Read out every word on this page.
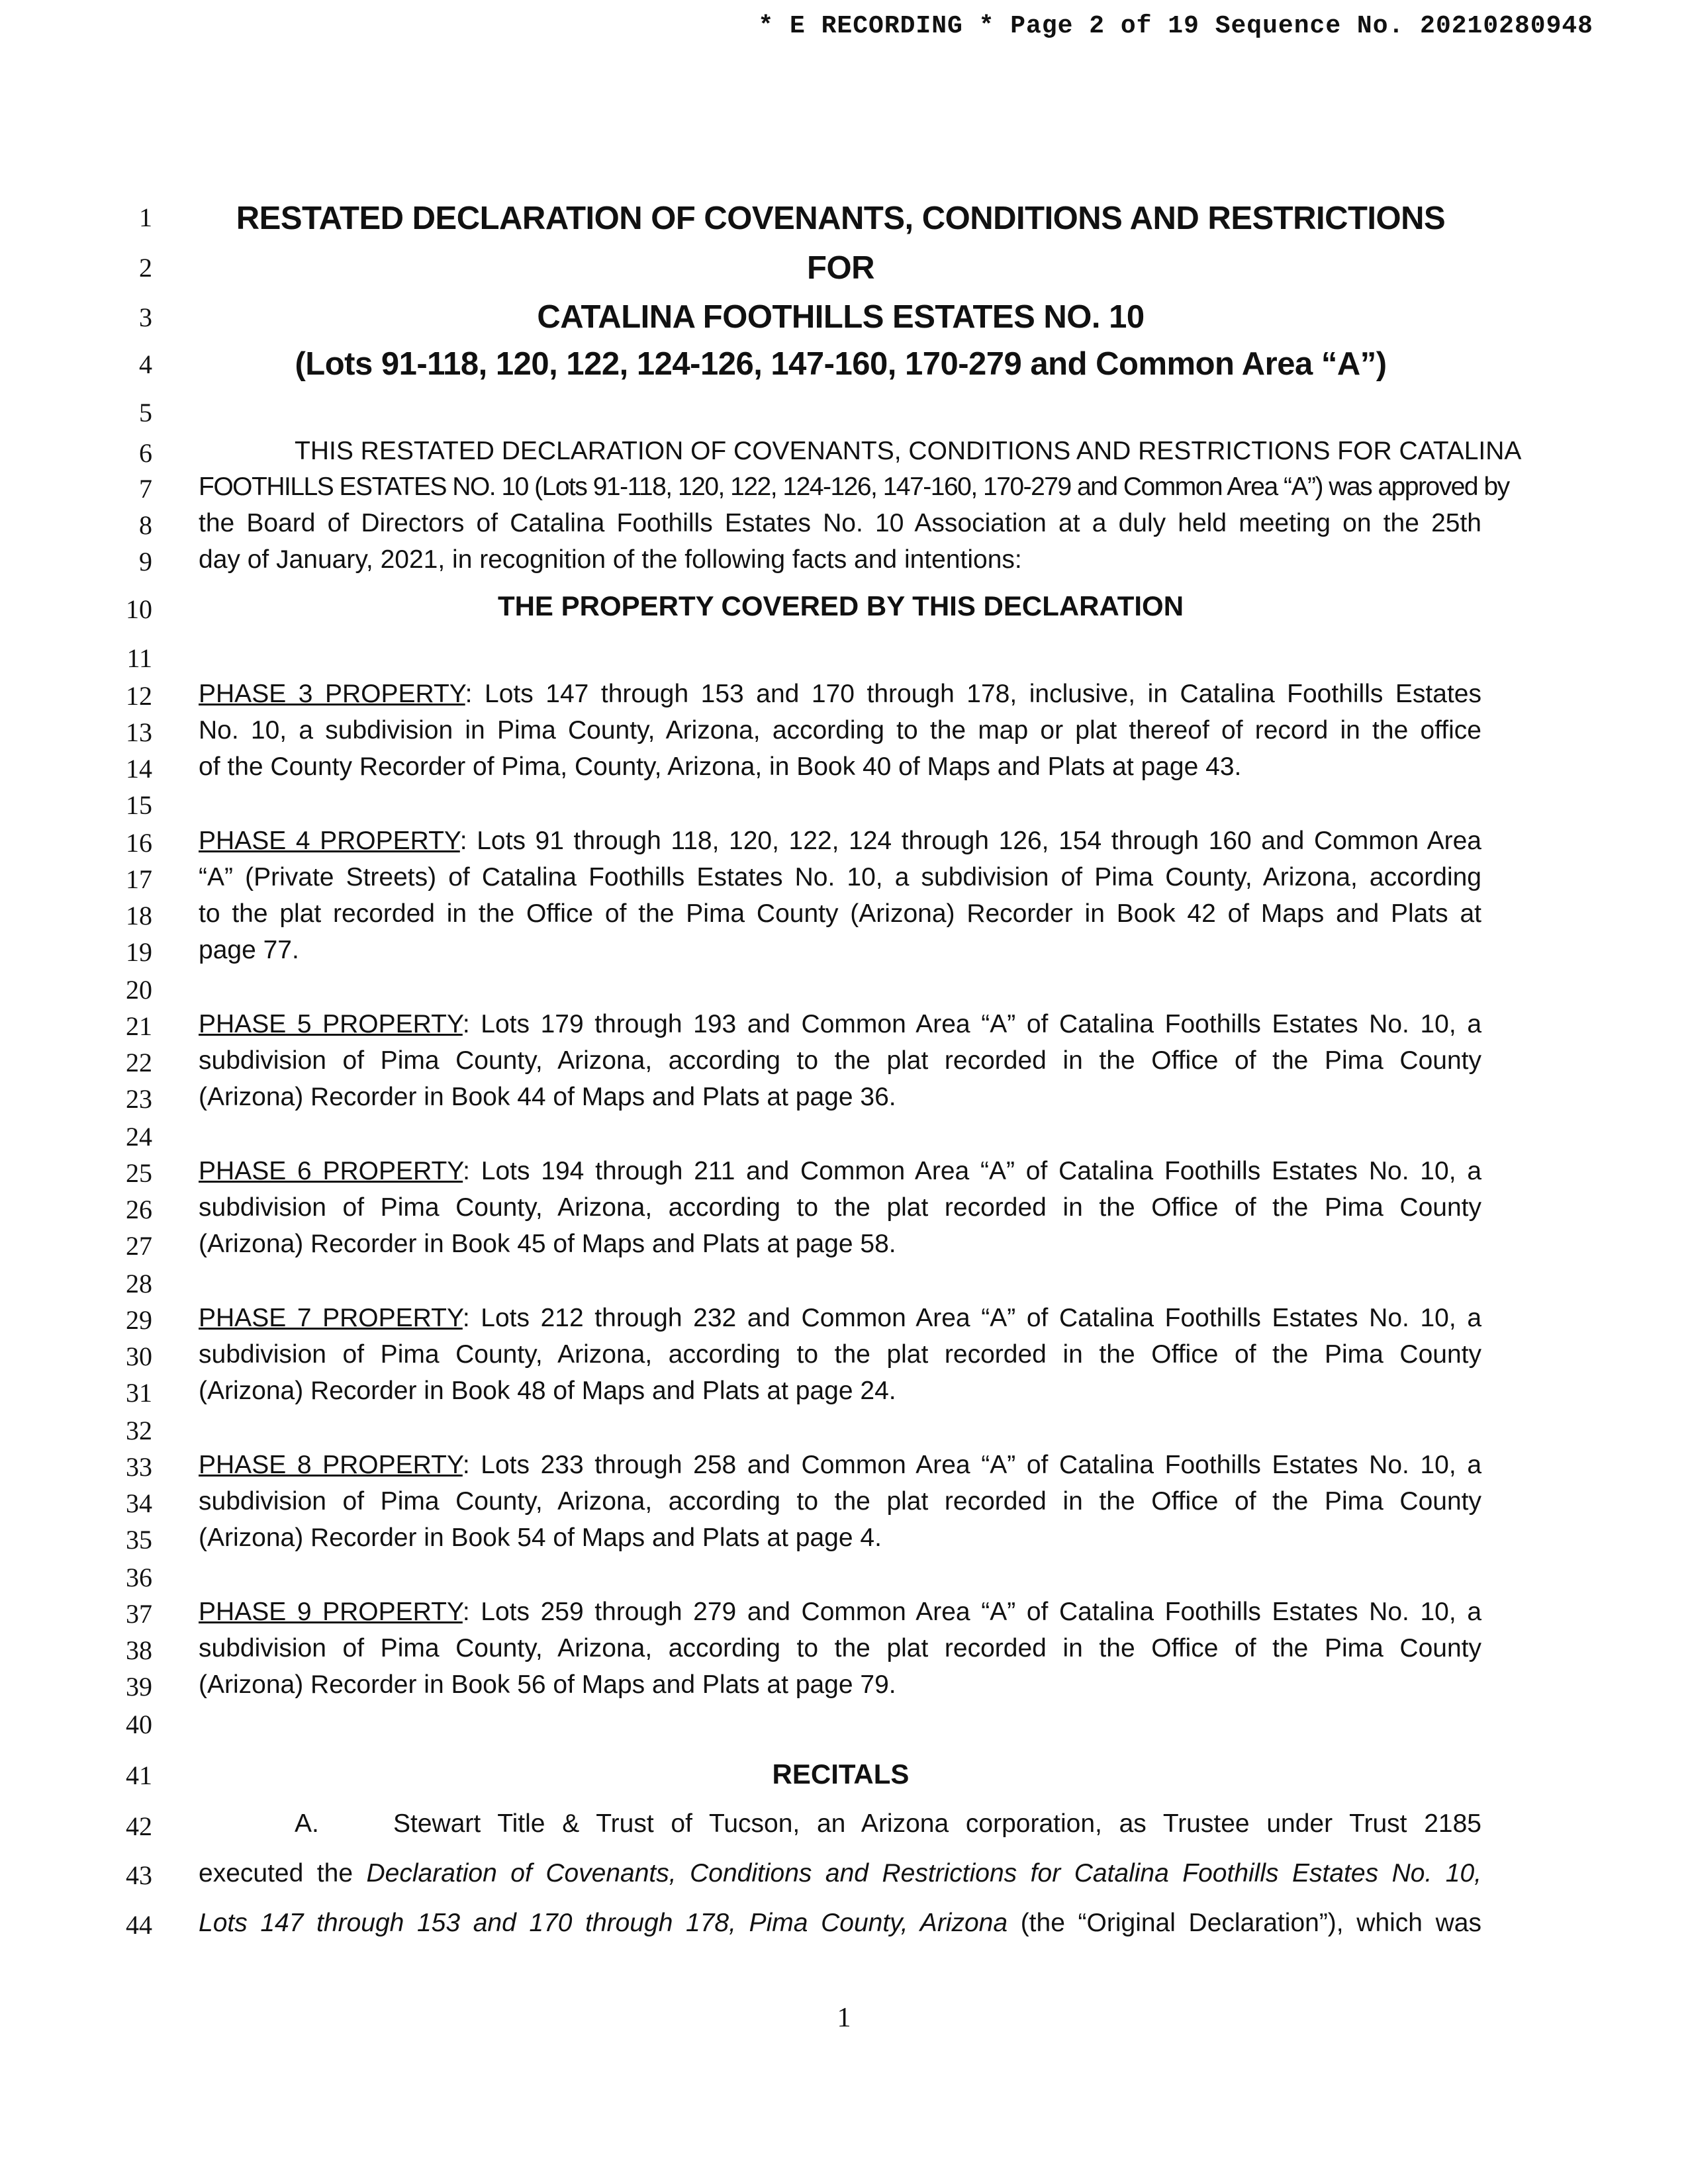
* E RECORDING * Page 2 of 19 Sequence No. 20210280948
1
2
3
4
5
6
7
8
9
10
11
12
13
14
15
16
17
18
19
20
21
22
23
24
25
26
27
28
29
30
31
32
33
34
35
36
37
38
39
40
41
42
43
44
RESTATED DECLARATION OF COVENANTS, CONDITIONS AND RESTRICTIONS
FOR
CATALINA FOOTHILLS ESTATES NO. 10
(Lots 91-118, 120, 122, 124-126, 147-160, 170-279 and Common Area “A”)
THIS RESTATED DECLARATION OF COVENANTS, CONDITIONS AND RESTRICTIONS FOR CATALINA
FOOTHILLS ESTATES NO. 10 (Lots 91-118, 120, 122, 124-126, 147-160, 170-279 and Common Area “A”) was approved by
the Board of Directors of Catalina Foothills Estates No. 10 Association at a duly held meeting on the 25th
day of January, 2021, in recognition of the following facts and intentions:
THE PROPERTY COVERED BY THIS DECLARATION
PHASE 3 PROPERTY: Lots 147 through 153 and 170 through 178, inclusive, in Catalina Foothills Estates
No. 10, a subdivision in Pima County, Arizona, according to the map or plat thereof of record in the office
of the County Recorder of Pima, County, Arizona, in Book 40 of Maps and Plats at page 43.
PHASE 4 PROPERTY: Lots 91 through 118, 120, 122, 124 through 126, 154 through 160 and Common Area
“A” (Private Streets) of Catalina Foothills Estates No. 10, a subdivision of Pima County, Arizona, according
to the plat recorded in the Office of the Pima County (Arizona) Recorder in Book 42 of Maps and Plats at
page 77.
PHASE 5 PROPERTY: Lots 179 through 193 and Common Area “A” of Catalina Foothills Estates No. 10, a
subdivision of Pima County, Arizona, according to the plat recorded in the Office of the Pima County
(Arizona) Recorder in Book 44 of Maps and Plats at page 36.
PHASE 6 PROPERTY: Lots 194 through 211 and Common Area “A” of Catalina Foothills Estates No. 10, a
subdivision of Pima County, Arizona, according to the plat recorded in the Office of the Pima County
(Arizona) Recorder in Book 45 of Maps and Plats at page 58.
PHASE 7 PROPERTY: Lots 212 through 232 and Common Area “A” of Catalina Foothills Estates No. 10, a
subdivision of Pima County, Arizona, according to the plat recorded in the Office of the Pima County
(Arizona) Recorder in Book 48 of Maps and Plats at page 24.
PHASE 8 PROPERTY: Lots 233 through 258 and Common Area “A” of Catalina Foothills Estates No. 10, a
subdivision of Pima County, Arizona, according to the plat recorded in the Office of the Pima County
(Arizona) Recorder in Book 54 of Maps and Plats at page 4.
PHASE 9 PROPERTY: Lots 259 through 279 and Common Area “A” of Catalina Foothills Estates No. 10, a
subdivision of Pima County, Arizona, according to the plat recorded in the Office of the Pima County
(Arizona) Recorder in Book 56 of Maps and Plats at page 79.
RECITALS
A.	Stewart Title & Trust of Tucson, an Arizona corporation, as Trustee under Trust 2185
executed the Declaration of Covenants, Conditions and Restrictions for Catalina Foothills Estates No. 10,
Lots 147 through 153 and 170 through 178, Pima County, Arizona (the “Original Declaration”), which was
1
